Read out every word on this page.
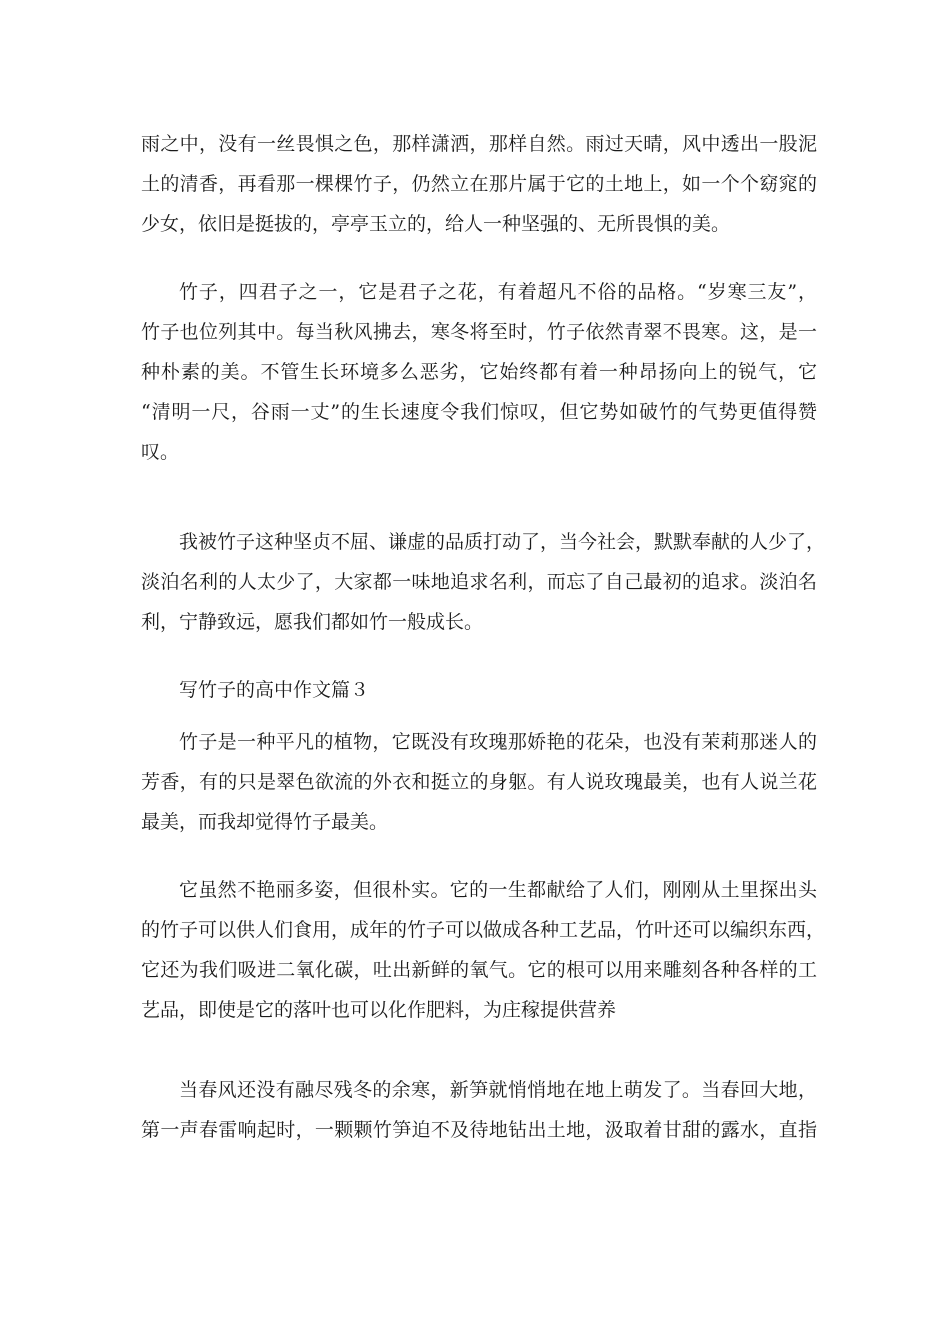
雨之中，没有一丝畏惧之色，那样潇洒，那样自然。雨过天晴，风中透出一股泥
土的清香，再看那一棵棵竹子，仍然立在那片属于它的土地上，如一个个窈窕的
少女，依旧是挺拔的，亭亭玉立的，给人一种坚强的、无所畏惧的美。
竹子，四君子之一，它是君子之花，有着超凡不俗的品格。“岁寒三友”，
竹子也位列其中。每当秋风拂去，寒冬将至时，竹子依然青翠不畏寒。这，是一
种朴素的美。不管生长环境多么恶劣，它始终都有着一种昂扬向上的锐气，它
“清明一尺，谷雨一丈”的生长速度令我们惊叹，但它势如破竹的气势更值得赞
叹。
我被竹子这种坚贞不屈、谦虚的品质打动了，当今社会，默默奉献的人少了，
淡泊名利的人太少了，大家都一味地追求名利，而忘了自己最初的追求。淡泊名
利，宁静致远，愿我们都如竹一般成长。
写竹子的高中作文篇３
竹子是一种平凡的植物，它既没有玫瑰那娇艳的花朵，也没有茉莉那迷人的
芳香，有的只是翠色欲流的外衣和挺立的身躯。有人说玫瑰最美，也有人说兰花
最美，而我却觉得竹子最美。
它虽然不艳丽多姿，但很朴实。它的一生都献给了人们，刚刚从土里探出头
的竹子可以供人们食用，成年的竹子可以做成各种工艺品，竹叶还可以编织东西，
它还为我们吸进二氧化碳，吐出新鲜的氧气。它的根可以用来雕刻各种各样的工
艺品，即使是它的落叶也可以化作肥料，为庄稼提供营养
当春风还没有融尽残冬的余寒，新笋就悄悄地在地上萌发了。当春回大地，
第一声春雷响起时，一颗颗竹笋迫不及待地钻出土地，汲取着甘甜的露水，直指
